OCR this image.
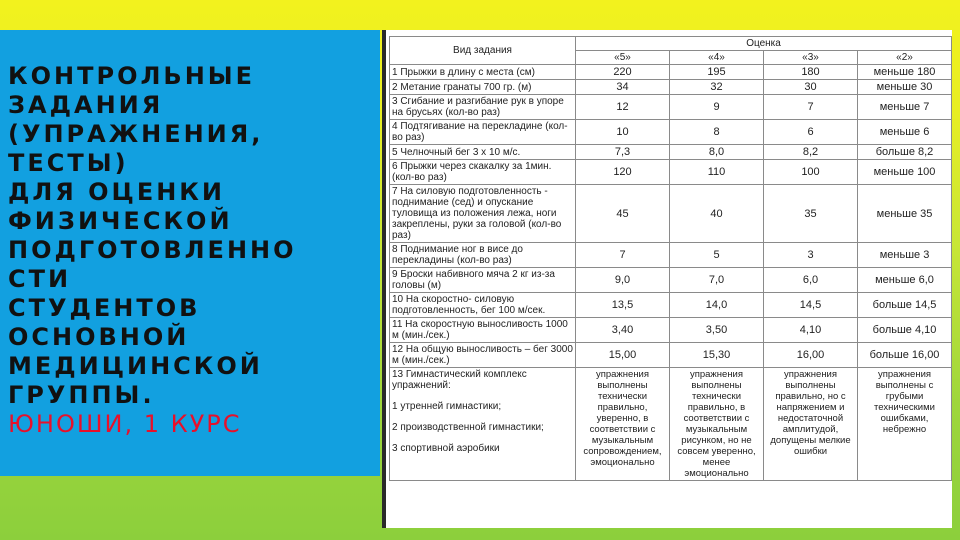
КОНТРОЛЬНЫЕ
ЗАДАНИЯ
(УПРАЖНЕНИЯ,
ТЕСТЫ)
ДЛЯ ОЦЕНКИ
ФИЗИЧЕСКОЙ
ПОДГОТОВЛЕННО
СТИ
СТУДЕНТОВ
ОСНОВНОЙ
МЕДИЦИНСКОЙ
ГРУППЫ.
ЮНОШИ, 1 КУРС
Вид задания	Оценка			
	«5»	«4»	«3»	«2»
1 Прыжки в длину с места (см)	220	195	180	меньше 180
2 Метание гранаты 700 гр. (м)	34	32	30	меньше 30
3 Сгибание и разгибание рук в упоре на брусьях (кол-во раз)	12	9	7	меньше 7
4 Подтягивание на перекладине (кол-во раз)	10	8	6	меньше 6
5 Челночный бег 3 х 10 м/с.	7,3	8,0	8,2	больше 8,2
6 Прыжки через скакалку за 1мин. (кол-во раз)	120	110	100	меньше 100
7 На силовую подготовленность - поднимание (сед) и опускание туловища из положения лежа, ноги закреплены, руки за головой (кол-во раз)	45	40	35	меньше 35
8 Поднимание ног в висе до перекладины (кол-во раз)	7	5	3	меньше 3
9 Броски набивного мяча 2 кг из-за головы (м)	9,0	7,0	6,0	меньше 6,0
10 На скоростно- силовую подготовленность, бег 100 м/сек.	13,5	14,0	14,5	больше 14,5
11 На скоростную выносливость 1000 м (мин./сек.)	3,40	3,50	4,10	больше 4,10
12 На общую выносливость – бег 3000 м (мин./сек.)	15,00	15,30	16,00	больше 16,00

13 Гимнастический комплекс упражнений:

1 утренней гимнастики;

2 производственной гимнастики;

3 спортивной аэробики	упражнения выполнены технически правильно, уверенно, в соответствии с музыкальным сопровождением, эмоционально	упражнения выполнены технически правильно, в соответствии с музыкальным рисунком, но не совсем уверенно, менее эмоционально	упражнения выполнены правильно, но с напряжением и недостаточной амплитудой, допущены мелкие ошибки	упражнения выполнены с грубыми техническими ошибками, небрежно
